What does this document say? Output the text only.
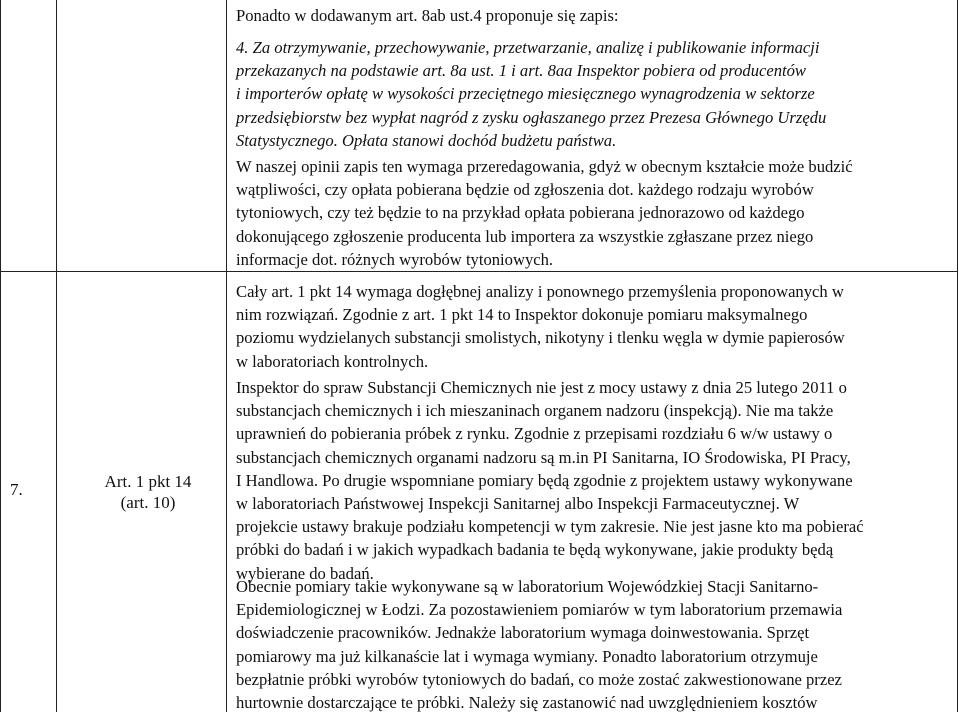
Ponadto w dodawanym art. 8ab ust.4 proponuje się zapis:
4. Za otrzymywanie, przechowywanie, przetwarzanie, analizę i publikowanie informacji
przekazanych na podstawie art. 8a ust. 1 i art. 8aa Inspektor pobiera od producentów
i importerów opłatę w wysokości przeciętnego miesięcznego wynagrodzenia w sektorze
przedsiębiorstw bez wypłat nagród z zysku ogłaszanego przez Prezesa Głównego Urzędu
Statystycznego. Opłata stanowi dochód budżetu państwa.
W naszej opinii zapis ten wymaga przeredagowania, gdyż w obecnym kształcie może budzić
wątpliwości, czy opłata pobierana będzie od zgłoszenia dot. każdego rodzaju wyrobów
tytoniowych, czy też będzie to na przykład opłata pobierana jednorazowo od każdego
dokonującego zgłoszenie producenta lub importera za wszystkie zgłaszane przez niego
informacje dot. różnych wyrobów tytoniowych.
7.	Art. 1 pkt 14
(art. 10)
Cały art. 1 pkt 14 wymaga dogłębnej analizy i ponownego przemyślenia proponowanych w
nim rozwiązań. Zgodnie z art. 1 pkt 14 to Inspektor dokonuje pomiaru maksymalnego
poziomu wydzielanych substancji smolistych, nikotyny i tlenku węgla w dymie papierosów
w laboratoriach kontrolnych.
Inspektor do spraw Substancji Chemicznych nie jest z mocy ustawy z dnia 25 lutego 2011 o
substancjach chemicznych i ich mieszaninach organem nadzoru (inspekcją). Nie ma także
uprawnień do pobierania próbek z rynku. Zgodnie z przepisami rozdziału 6 w/w ustawy o
substancjach chemicznych organami nadzoru są m.in PI Sanitarna, IO Środowiska, PI Pracy,
I Handlowa. Po drugie wspomniane pomiary będą zgodnie z projektem ustawy wykonywane
w laboratoriach Państwowej Inspekcji Sanitarnej albo Inspekcji Farmaceutycznej. W
projekcie ustawy brakuje podziału kompetencji w tym zakresie. Nie jest jasne kto ma pobierać
próbki do badań i w jakich wypadkach badania te będą wykonywane, jakie produkty będą
wybierane do badań.
Obecnie pomiary takie wykonywane są w laboratorium Wojewódzkiej Stacji Sanitarno-
Epidemiologicznej w Łodzi. Za pozostawieniem pomiarów w tym laboratorium przemawia
doświadczenie pracowników. Jednakże laboratorium wymaga doinwestowania. Sprzęt
pomiarowy ma już kilkanaście lat i wymaga wymiany. Ponadto laboratorium otrzymuje
bezpłatnie próbki wyrobów tytoniowych do badań, co może zostać zakwestionowane przez
hurtownie dostarczające te próbki. Należy się zastanowić nad uwzględnieniem kosztów
